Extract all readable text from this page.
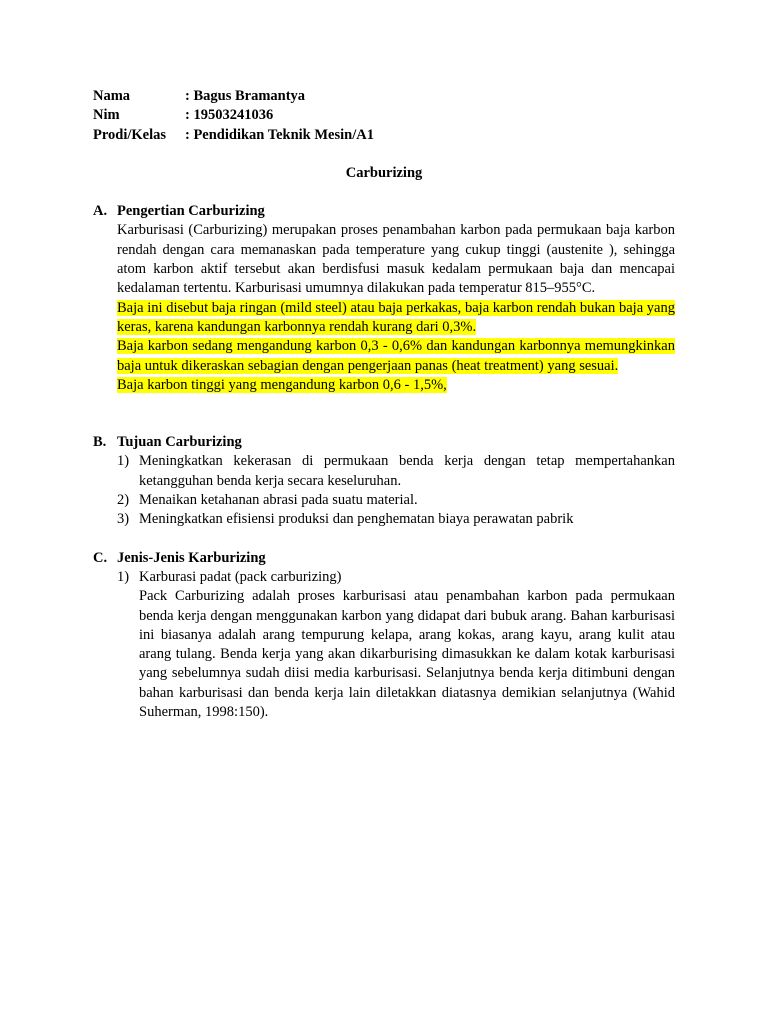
Nama	: Bagus Bramantya
Nim	: 19503241036
Prodi/Kelas	: Pendidikan Teknik Mesin/A1
Carburizing
A. Pengertian Carburizing
Karburisasi (Carburizing) merupakan proses penambahan karbon pada permukaan baja karbon rendah dengan cara memanaskan pada temperature yang cukup tinggi (austenite ), sehingga atom karbon aktif tersebut akan berdisfusi masuk kedalam permukaan baja dan mencapai kedalaman tertentu. Karburisasi umumnya dilakukan pada temperatur 815–955°C.
Baja ini disebut baja ringan (mild steel) atau baja perkakas, baja karbon rendah bukan baja yang keras, karena kandungan karbonnya rendah kurang dari 0,3%.
Baja karbon sedang mengandung karbon 0,3 - 0,6% dan kandungan karbonnya memungkinkan baja untuk dikeraskan sebagian dengan pengerjaan panas (heat treatment) yang sesuai.
Baja karbon tinggi yang mengandung karbon 0,6 - 1,5%,
B. Tujuan Carburizing
1) Meningkatkan kekerasan di permukaan benda kerja dengan tetap mempertahankan ketangguhan benda kerja secara keseluruhan.
2) Menaikan ketahanan abrasi pada suatu material.
3) Meningkatkan efisiensi produksi dan penghematan biaya perawatan pabrik
C. Jenis-Jenis Karburizing
1) Karburasi padat (pack carburizing)
Pack Carburizing adalah proses karburisasi atau penambahan karbon pada permukaan benda kerja dengan menggunakan karbon yang didapat dari bubuk arang. Bahan karburisasi ini biasanya adalah arang tempurung kelapa, arang kokas, arang kayu, arang kulit atau arang tulang. Benda kerja yang akan dikarburising dimasukkan ke dalam kotak karburisasi yang sebelumnya sudah diisi media karburisasi. Selanjutnya benda kerja ditimbuni dengan bahan karburisasi dan benda kerja lain diletakkan diatasnya demikian selanjutnya (Wahid Suherman, 1998:150).
